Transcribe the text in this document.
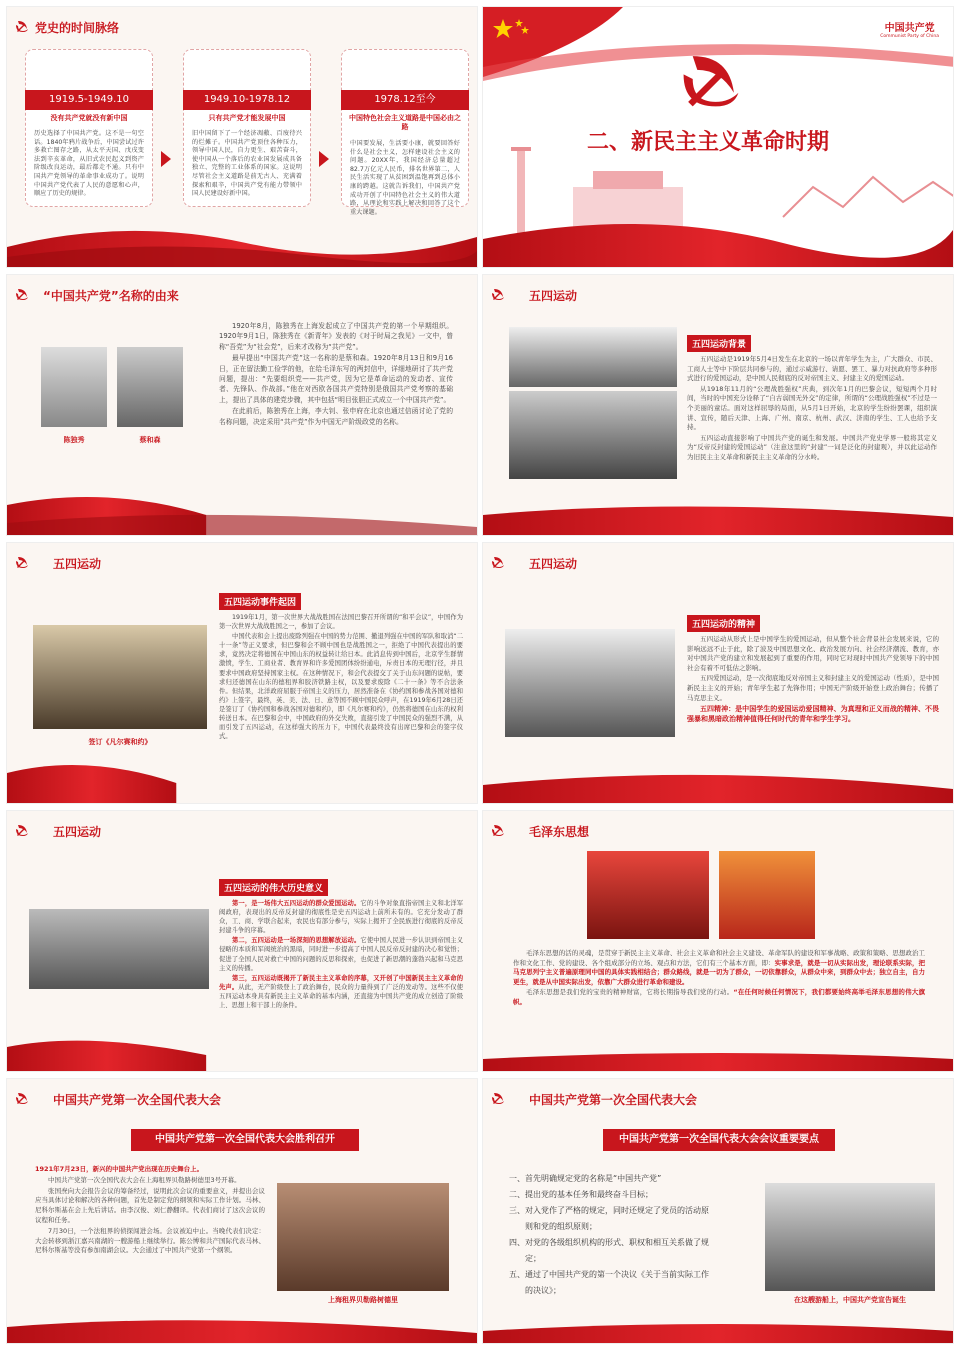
党史的时间脉络
1919.5-1949.10
没有共产党就没有新中国
历史选择了中国共产党。这不是一句空话。1840年鸦片战争后，中国尝试过许多救亡图存之路，从太平天国、戊戌变法到辛亥革命，从旧式农民起义到资产阶级改良运动，最后都走不通。只有中国共产党领导的革命事业成功了。说明中国共产党代表了人民的意愿和心声，顺应了历史的规律。
1949.10-1978.12
只有共产党才能发展中国
旧中国留下了一个经济凋敝、百废待兴的烂摊子。中国共产党顶住各种压力，领导中国人民，自力更生、艰苦奋斗，使中国从一个落后的农业国发展成具备独立、完整的工业体系的国家。这说明尽管社会主义道路是前无古人、充满着探索和艰辛，中国共产党有能力带领中国人民建设好新中国。
1978.12至今
中国特色社会主义道路是中国必由之路
中国要发展，生活要小康，就要回答好什么是社会主义，怎样建设社会主义的问题。20XX年，我国经济总量超过82.7万亿元人民币，排名世界第二，人民生活实现了从贫困到温饱再到总体小康的跨越。这就告诉我们，中国共产党成功开创了中国特色社会主义的伟大道路，从理论和实践上解决和回答了这个重大课题。
中国共产党
Communist Party of China
二、新民主主义革命时期
“中国共产党”名称的由来
陈独秀	蔡和森

1920年8月，陈独秀在上海发起成立了中国共产党的第一个早期组织。1920年9月1日，陈独秀在《新青年》发表的《对于时局之我见》一文中，曾称“吾党”为“社会党”，后来才改称为“共产党”。

最早提出“中国共产党”这一名称的是蔡和森。1920年8月13日和9月16日，正在留法勤工俭学的他，在给毛泽东写的两封信中，详细地研讨了共产党问题，提出：“先要组织党——共产党，因为它是革命运动的发动者、宣传者、先锋队、作战部。”他在对西欧各国共产党特别是俄国共产党考察的基础上，提出了具体的建党步骤，其中包括“明目张胆正式成立一个中国共产党”。

在此前后，陈独秀在上海，李大钊、张申府在北京也通过信函讨论了党的名称问题，决定采用“共产党”作为中国无产阶级政党的名称。

五四运动
五四运动背景

五四运动是1919年5月4日发生在北京的一场以青年学生为主，广大群众、市民、工商人士等中下阶层共同参与的，通过示威游行、请愿、罢工、暴力对抗政府等多种形式进行的爱国运动，是中国人民彻底的反对帝国主义、封建主义的爱国运动。

从1918年11月的“公理战胜强权”庆典，到次年1月的巴黎会议，短短两个月时间，当时的中国充分诠释了“自古弱国无外交”的定律，所谓的“公理战胜强权”不过是一个美丽的童话。面对这样屈辱的局面，从5月1日开始，北京的学生纷纷罢课，组织演讲、宣传，随后天津、上海、广州、南京、杭州、武汉、济南的学生、工人也给予支持。

五四运动直接影响了中国共产党的诞生和发展。中国共产党史学界一般将其定义为“反帝反封建的爱国运动”（注意这里的“封建”一词是泛化的封建观），并以此运动作为旧民主主义革命和新民主主义革命的分水岭。

五四运动
签订《凡尔赛和约》
五四运动事件起因

1919年1月，第一次世界大战战胜国在法国巴黎召开所谓的“和平会议”，中国作为第一次世界大战战胜国之一，参加了会议。

中国代表和会上提出废除列强在中国的势力范围、撤退列强在中国的军队和取消“二十一条”等正义要求，但巴黎和会不顾中国也是战胜国之一，拒绝了中国代表提出的要求，竟然决定将德国在中国山东的权益转让给日本。此消息传到中国后，北京学生群情激愤，学生、工商业者、教育界和许多爱国团体纷纷通电，斥责日本的无理行径，并且要求中国政府坚持国家主权。在这种情况下，和会代表提交了关于山东问题的说帖，要求归还德国在山东的德租界和胶济铁路主权，以及要求废除《二十一条》等不合法条件。但结果，北洋政府屈服于帝国主义的压力，居然准备在《协约国和参战各国对德和约》上签字，最终，英、美、法、日、意等国不顾中国民众呼声，在1919年6月28日还是签订了《协约国和参战各国对德和约》，即《凡尔赛和约》，仍然将德国在山东的权利转送日本。在巴黎和会中，中国政府的外交失败，直接引发了中国民众的强烈不满，从而引发了五四运动，在这样强大的压力下，中国代表最终没有出席巴黎和会的签字仪式。

五四运动
五四运动的精神

五四运动从形式上是中国学生的爱国运动，但从整个社会背景社会发展来说，它的影响远远不止于此，除了波及中国思想文化、政治发展方向、社会经济潮流、教育，亦对中国共产党的建立和发展起到了重要的作用，同时它对现时中国共产党领导下的中国社会有着不可低估之影响。

五四爱国运动，是一次彻底地反对帝国主义和封建主义的爱国运动（性质），是中国新民主主义的开始；青年学生起了先锋作用；中国无产阶级开始登上政治舞台；传播了马克思主义。

五四精神：是中国学生的爱国运动爱国精神、为真理和正义而战的精神、不畏强暴和黑暗政治精神值得任何时代的青年和学生学习。

五四运动
五四运动的伟大历史意义

第一，是一场伟大五四运动的群众爱国运动。它的斗争对象直指帝国主义和北洋军阀政府，表现出的反帝反封建的彻底性是史五四运动上前所未有的。它充分发动了群众，工、商、学联合起来，农民也有部分参与，实际上揭开了全民族进行彻底的反帝反封建斗争的序幕。

第二，五四运动是一场深刻的思想解放运动。它使中国人民进一步认识到帝国主义侵略的本质和军阀统治的黑暗，同时进一步提高了中国人民反帝反封建的决心和觉悟；促进了全国人民对救亡中国的问题的反思和探索，也促进了新思潮的蓬勃兴起和马克思主义的传播。

第三，五四运动既揭开了新民主主义革命的序幕，又开创了中国新民主主义革命的先声。从此，无产阶级登上了政治舞台，民众的力量得到了广泛的发动等。这些不仅使五四运动本身具有新民主主义革命的基本内涵，还直接为中国共产党的成立创造了阶级上、思想上和干部上的条件。

毛泽东思想

毛泽东思想的活的灵魂，是贯穿于新民主主义革命、社会主义革命和社会主义建设、革命军队的建设和军事战略、政策和策略、思想政治工作和文化工作、党的建设、各个组成部分的立场、观点和方法，它们有三个基本方面，即：实事求是，就是一切从实际出发，理论联系实际，把马克思列宁主义普遍原理同中国的具体实践相结合；群众路线，就是一切为了群众，一切依靠群众，从群众中来，到群众中去；独立自主，自力更生，就是从中国实际出发，依靠广大群众进行革命和建设。

毛泽东思想是我们党的宝贵的精神财富，它将长期指导我们党的行动。“在任何时候任何情况下，我们都要始终高举毛泽东思想的伟大旗帜。

中国共产党第一次全国代表大会
中国共产党第一次全国代表大会胜利召开

1921年7月23日，新兴的中国共产党出现在历史舞台上。

中国共产党第一次全国代表大会在上海租界贝勒路树德里3号开幕。

张国焘向大会报告会议的筹备经过，说明此次会议的重要意义，并提出会议应当具体讨论和解决的各种问题，首先是制定党的纲领和实际工作计划。马林、尼科尔斯基在会上先后讲话。由李汉俊、刘仁静翻译。代表们商讨了这次会议的议程和任务。

7月30日，一个法租界的侦探闯进会场。会议被迫中止。当晚代表们决定：大会转移到浙江嘉兴南湖的一艘游船上继续举行。陈公博和共产国际代表马林、尼科尔斯基等没有参加南湖会议。大会通过了中国共产党第一个纲领。

上海租界贝勒路树德里
中国共产党第一次全国代表大会
中国共产党第一次全国代表大会会议重要要点
一、首先明确规定党的名称是“中国共产党”
二、提出党的基本任务和最终奋斗目标；
三、对入党作了严格的规定，同时还规定了党员的活动原
　　则和党的组织原则；
四、对党的各级组织机构的形式、职权和相互关系做了规
　　定；
五、通过了中国共产党的第一个决议《关于当前实际工作
　　的决议》；
在这艘游船上，中国共产党宣告诞生
